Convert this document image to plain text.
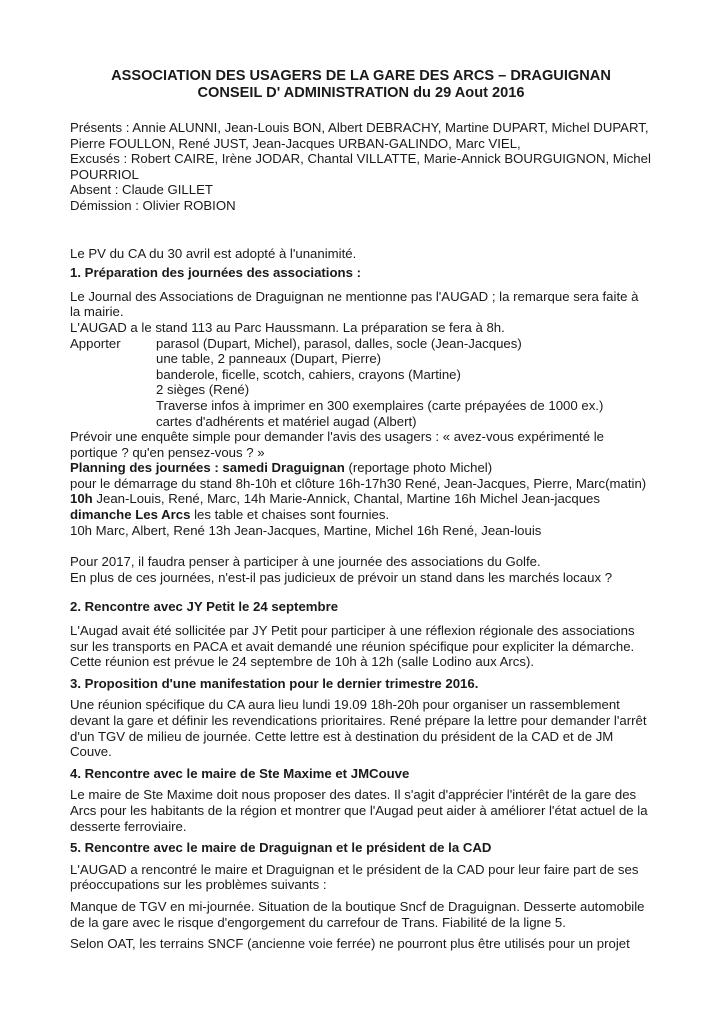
ASSOCIATION DES USAGERS DE LA GARE DES ARCS – DRAGUIGNAN
CONSEIL D' ADMINISTRATION du 29 Aout 2016

Présents : Annie ALUNNI, Jean-Louis BON, Albert DEBRACHY, Martine DUPART, Michel DUPART, Pierre FOULLON, René JUST, Jean-Jacques URBAN-GALINDO, Marc VIEL,

Excusés : Robert CAIRE, Irène JODAR, Chantal VILLATTE, Marie-Annick BOURGUIGNON, Michel POURRIOL

Absent : Claude GILLET

Démission : Olivier ROBION

Le PV du CA du 30 avril est adopté à l'unanimité.

1. Préparation des journées des associations :

Le Journal des Associations de Draguignan ne mentionne pas l'AUGAD ; la remarque sera faite à la mairie.

L'AUGAD a le stand 113 au Parc Haussmann. La préparation se fera à 8h.

Apporter	parasol (Dupart, Michel), parasol, dalles, socle (Jean-Jacques)

une table, 2 panneaux (Dupart, Pierre)

banderole, ficelle, scotch, cahiers, crayons (Martine)

2 sièges (René)

Traverse infos à imprimer en 300 exemplaires (carte prépayées de 1000 ex.)

cartes d'adhérents et matériel augad (Albert)

Prévoir une enquête simple pour demander l'avis des usagers : « avez-vous expérimenté le portique ? qu'en pensez-vous ? »

Planning des journées : samedi Draguignan (reportage photo Michel)

pour le démarrage du stand 8h-10h et clôture 16h-17h30 René, Jean-Jacques, Pierre, Marc(matin)

10h Jean-Louis, René, Marc, 14h Marie-Annick, Chantal, Martine 16h Michel Jean-jacques

dimanche Les Arcs les table et chaises sont fournies.

10h Marc, Albert, René 13h Jean-Jacques, Martine, Michel 16h René, Jean-louis

Pour 2017, il faudra penser à participer à une journée des associations du Golfe.

En plus de ces journées, n'est-il pas judicieux de prévoir un stand dans les marchés locaux ?

2. Rencontre avec JY Petit le 24 septembre

L'Augad avait été sollicitée par JY Petit pour participer à une réflexion régionale des associations sur les transports en PACA et avait demandé une réunion spécifique pour expliciter la démarche. Cette réunion est prévue le 24 septembre de 10h à 12h (salle Lodino aux Arcs).

3. Proposition d'une manifestation pour le dernier trimestre 2016.

Une réunion spécifique du CA aura lieu lundi 19.09 18h-20h pour organiser un rassemblement devant la gare et définir les revendications prioritaires. René prépare la lettre pour demander l'arrêt d'un TGV de milieu de journée. Cette lettre est à destination du président de la CAD et de JM Couve.

4. Rencontre avec le maire de Ste Maxime et JMCouve

Le maire de Ste Maxime doit nous proposer des dates. Il s'agit d'apprécier l'intérêt de la gare des Arcs pour les habitants de la région et montrer que l'Augad peut aider à améliorer l'état actuel de la desserte ferroviaire.

5. Rencontre avec le maire de Draguignan et le président de la CAD

L'AUGAD a rencontré le maire et Draguignan et le président de la CAD pour leur faire part de ses préoccupations sur les problèmes suivants :

Manque de TGV en mi-journée. Situation de la boutique Sncf de Draguignan. Desserte automobile de la gare avec le risque d'engorgement du carrefour de Trans. Fiabilité de la ligne 5.

Selon OAT, les terrains SNCF (ancienne voie ferrée) ne pourront plus être utilisés pour un projet
